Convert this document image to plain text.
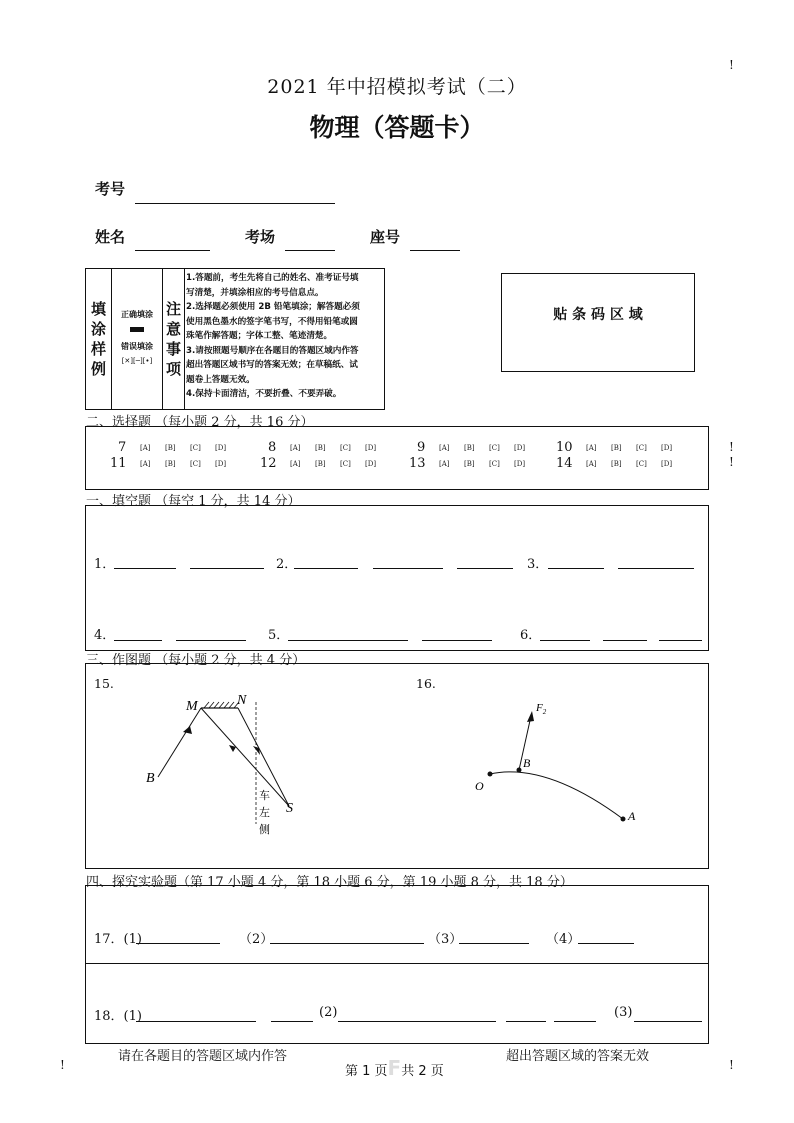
2021 年中招模拟考试（二）
物理（答题卡）
!
!
!
!	!
考号
姓名	考场	座号
填
涂
样
例
正确填涂
错误填涂
[✕][─][•]
注
意
事
项
1.答题前，考生先将自己的姓名、准考证号填
写清楚，并填涂相应的考号信息点。
2.选择题必须使用 2B 铅笔填涂；解答题必须
使用黑色墨水的签字笔书写，不得用铅笔或圆
珠笔作解答题；字体工整、笔迹清楚。
3.请按照题号顺序在各题目的答题区域内作答
超出答题区域书写的答案无效；在草稿纸、试
题卷上答题无效。
4.保持卡面清洁，不要折叠、不要弄破。
贴 条 码 区 域
二、选择题 （每小题 2 分，共 16 分）
7 [A] [B] [C] [D]	8 [A] [B] [C] [D]	9 [A] [B] [C] [D] 10 [A] [B] [C] [D]
11 [A] [B] [C] [D]	12 [A] [B] [C] [D]	13 [A] [B] [C] [D] 14 [A] [B] [C] [D]
一、填空题 （每空 1 分，共 14 分）
1．	2．	3．
4．	5．	6．
三、作图题 （每小题 2 分，共 4 分）
15.	16.
M	N
B
S
车
左
侧
O
B
A
$F_2$
四、探究实验题（第 17 小题 4 分，第 18 小题 6 分，第 19 小题 8 分，共 18 分）
17．(1)	（2）	（3）	（4）
18．(1)	(2)	(3)
请在各题目的答题区域内作答
第 1 页F共 2 页
超出答题区域的答案无效
